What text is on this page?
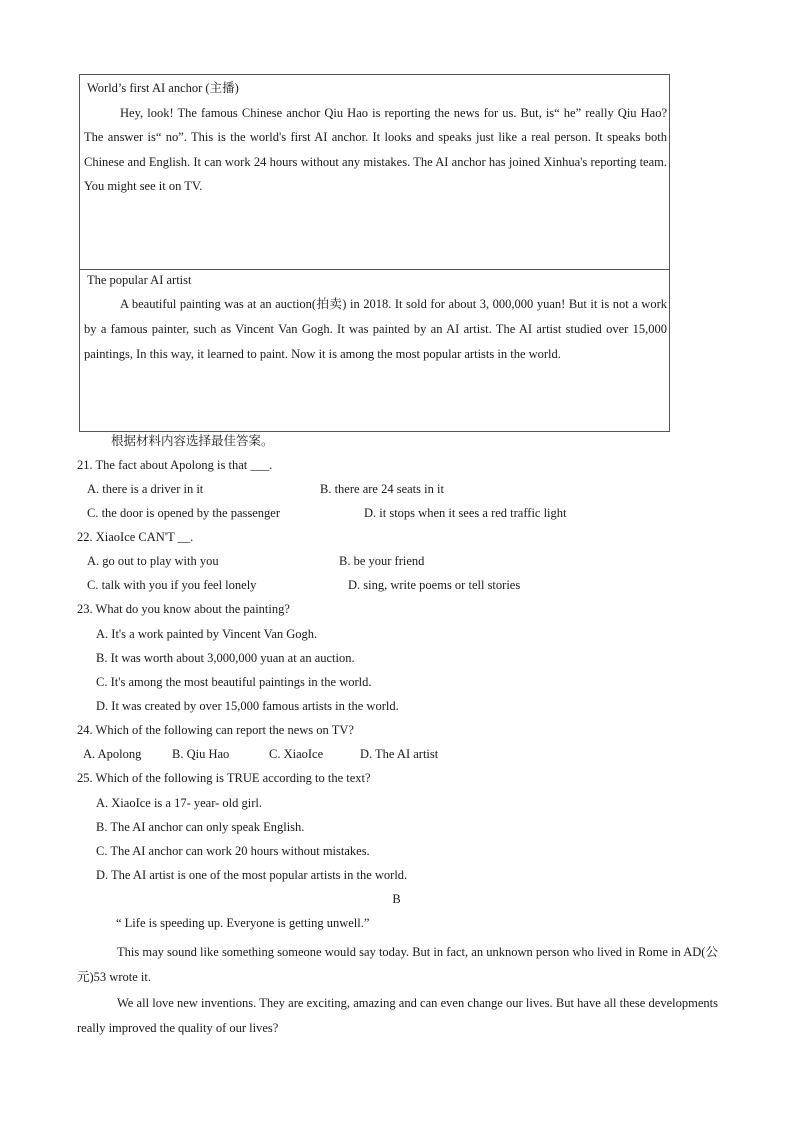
World’s first AI anchor (主播)
Hey, look! The famous Chinese anchor Qiu Hao is reporting the news for us. But, is“ he” really Qiu Hao? The answer is“ no”. This is the world's first AI anchor. It looks and speaks just like a real person. It speaks both Chinese and English. It can work 24 hours without any mistakes. The AI anchor has joined Xinhua's reporting team. You might see it on TV.
The popular AI artist
A beautiful painting was at an auction(拍卖) in 2018. It sold for about 3, 000,000 yuan! But it is not a work by a famous painter, such as Vincent Van Gogh. It was painted by an AI artist. The AI artist studied over 15,000 paintings, In this way, it learned to paint. Now it is among the most popular artists in the world.
根据材料内容选择最佳答案。
21. The fact about Apolong is that ___.
A. there is a driver in it	B. there are 24 seats in it
C. the door is opened by the passenger	D. it stops when it sees a red traffic light
22. XiaoIce CAN'T __.
A. go out to play with you	B. be your friend
C. talk with you if you feel lonely	D. sing, write poems or tell stories
23. What do you know about the painting?
A. It's a work painted by Vincent Van Gogh.
B. It was worth about 3,000,000 yuan at an auction.
C. It's among the most beautiful paintings in the world.
D. It was created by over 15,000 famous artists in the world.
24. Which of the following can report the news on TV?
A. Apolong B. Qiu Hao	C. XiaoIce	D. The AI artist
25. Which of the following is TRUE according to the text?
A. XiaoIce is a 17- year- old girl.
B. The AI anchor can only speak English.
C. The AI anchor can work 20 hours without mistakes.
D. The AI artist is one of the most popular artists in the world.
B
“ Life is speeding up. Everyone is getting unwell.”
This may sound like something someone would say today. But in fact, an unknown person who lived in Rome in AD(公元)53 wrote it.
We all love new inventions. They are exciting, amazing and can even change our lives. But have all these developments really improved the quality of our lives?
